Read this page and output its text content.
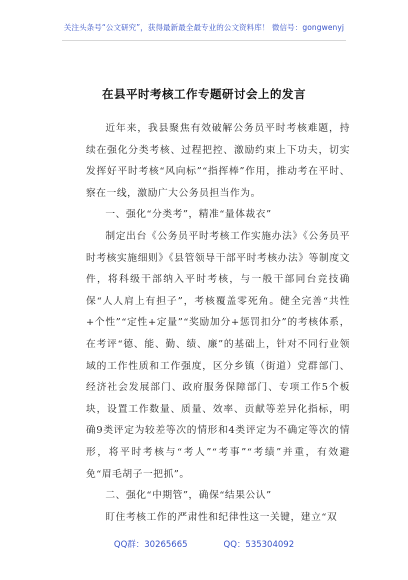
关注头条号“公文研究”，获得最新最全最专业的公文资料库！ 微信号：gongwenyj
在县平时考核工作专题研讨会上的发言

近年来，我县聚焦有效破解公务员平时考核难题，持续在强化分类考核、过程把控、激励约束上下功夫，切实发挥好平时考核“风向标”“指挥棒”作用，推动考在平时、察在一线，激励广大公务员担当作为。

一、强化“分类考”，精准“量体裁衣”

制定出台《公务员平时考核工作实施办法》《公务员平时考核实施细则》《县管领导干部平时考核办法》等制度文件，将科级干部纳入平时考核，与一般干部同台竞技确保“人人肩上有担子”，考核覆盖零死角。健全完善“共性+个性”“定性+定量”“奖励加分+惩罚扣分”的考核体系，在考评“德、能、勤、绩、廉”的基础上，针对不同行业领域的工作性质和工作强度，区分乡镇（街道）党群部门、经济社会发展部门、政府服务保障部门、专项工作5个板块，设置工作数量、质量、效率、贡献等差异化指标，明确9类评定为较差等次的情形和4类评定为不确定等次的情形，将平时考核与“考人”“考事”“考绩”并重，有效避免“眉毛胡子一把抓”。

二、强化“中期管”，确保“结果公认”

盯住考核工作的严肃性和纪律性这一关键，建立“双

QQ群：30265665	QQ：535304092
